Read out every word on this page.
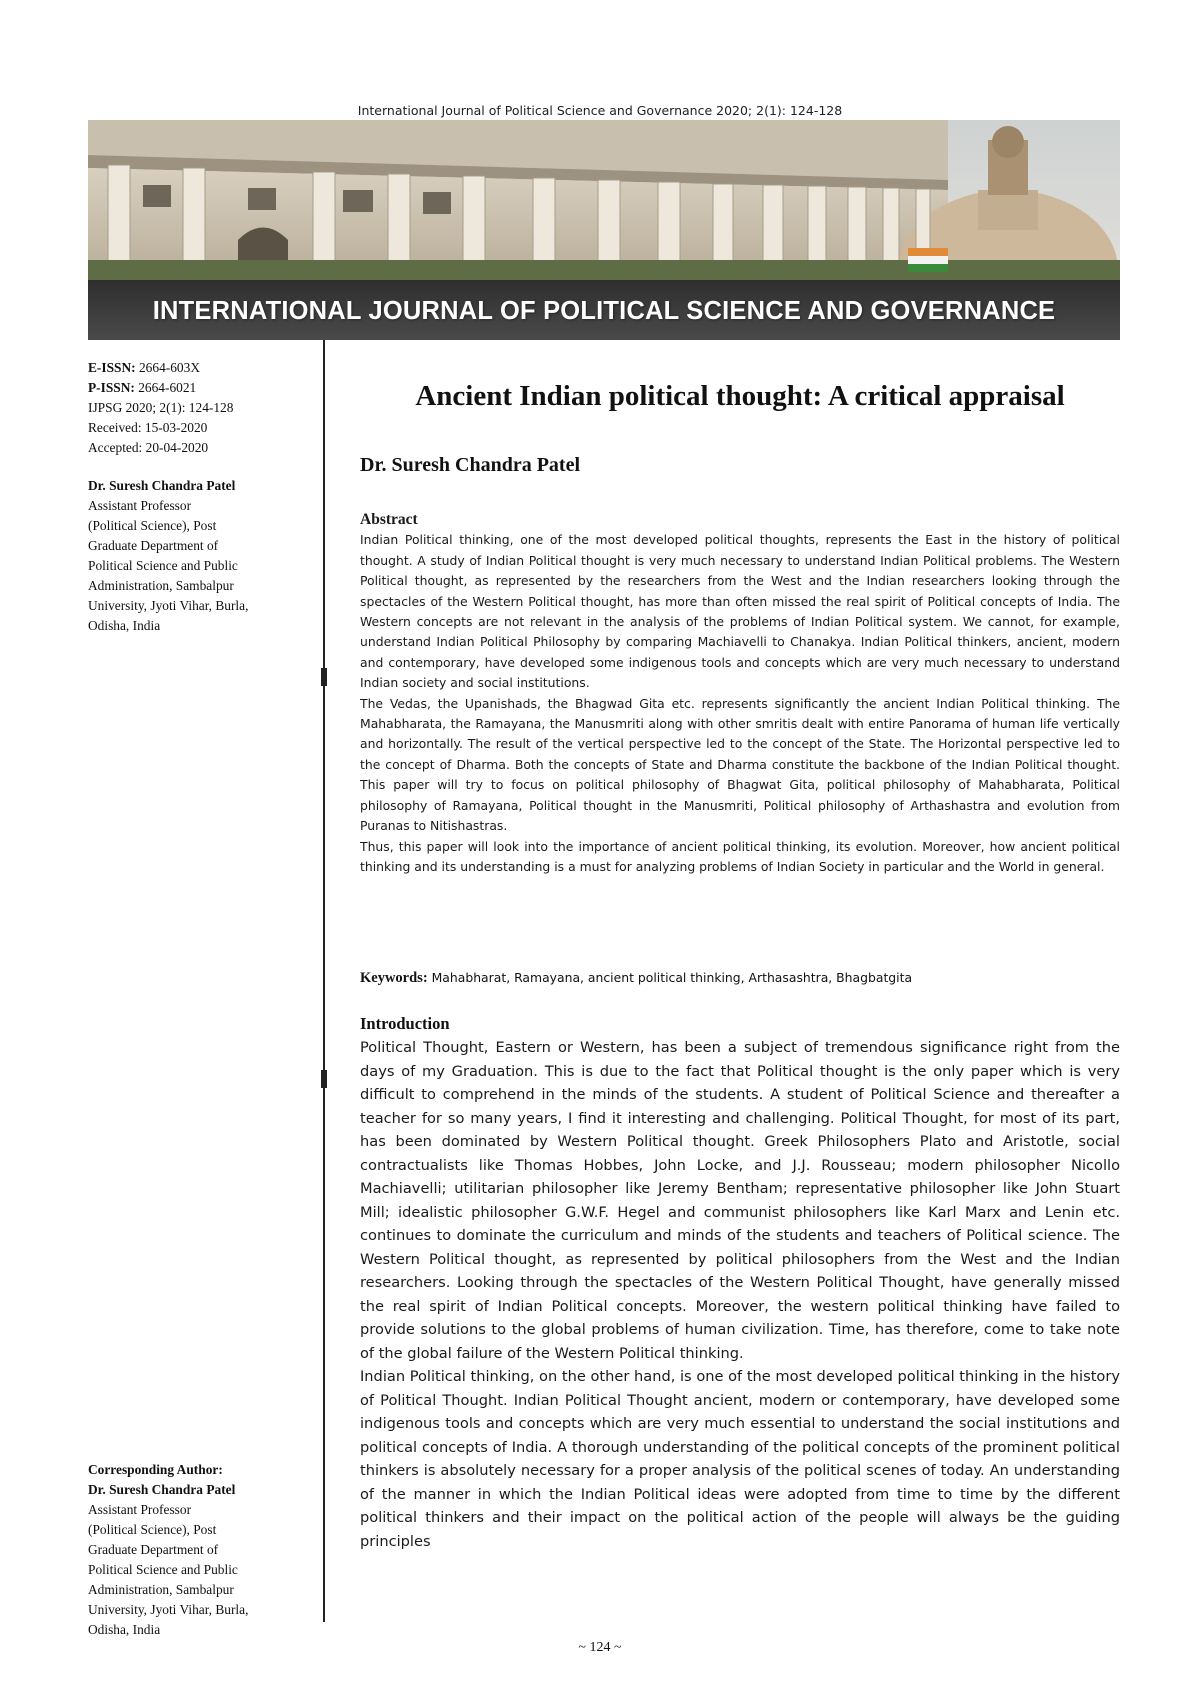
International Journal of Political Science and Governance 2020; 2(1): 124-128
INTERNATIONAL JOURNAL OF POLITICAL SCIENCE AND GOVERNANCE
E-ISSN: 2664-603X
P-ISSN: 2664-6021
IJPSG 2020; 2(1): 124-128
Received: 15-03-2020
Accepted: 20-04-2020
Dr. Suresh Chandra Patel
Assistant Professor
(Political Science), Post
Graduate Department of
Political Science and Public
Administration, Sambalpur
University, Jyoti Vihar, Burla,
Odisha, India
Corresponding Author:
Dr. Suresh Chandra Patel
Assistant Professor
(Political Science), Post
Graduate Department of
Political Science and Public
Administration, Sambalpur
University, Jyoti Vihar, Burla,
Odisha, India
Ancient Indian political thought: A critical appraisal
Dr. Suresh Chandra Patel
Abstract

Indian Political thinking, one of the most developed political thoughts, represents the East in the history of political thought. A study of Indian Political thought is very much necessary to understand Indian Political problems. The Western Political thought, as represented by the researchers from the West and the Indian researchers looking through the spectacles of the Western Political thought, has more than often missed the real spirit of Political concepts of India. The Western concepts are not relevant in the analysis of the problems of Indian Political system. We cannot, for example, understand Indian Political Philosophy by comparing Machiavelli to Chanakya. Indian Political thinkers, ancient, modern and contemporary, have developed some indigenous tools and concepts which are very much necessary to understand Indian society and social institutions.

The Vedas, the Upanishads, the Bhagwad Gita etc. represents significantly the ancient Indian Political thinking. The Mahabharata, the Ramayana, the Manusmriti along with other smritis dealt with entire Panorama of human life vertically and horizontally. The result of the vertical perspective led to the concept of the State. The Horizontal perspective led to the concept of Dharma. Both the concepts of State and Dharma constitute the backbone of the Indian Political thought. This paper will try to focus on political philosophy of Bhagwat Gita, political philosophy of Mahabharata, Political philosophy of Ramayana, Political thought in the Manusmriti, Political philosophy of Arthashastra and evolution from Puranas to Nitishastras.

Thus, this paper will look into the importance of ancient political thinking, its evolution. Moreover, how ancient political thinking and its understanding is a must for analyzing problems of Indian Society in particular and the World in general.

Keywords: Mahabharat, Ramayana, ancient political thinking, Arthasashtra, Bhagbatgita
Introduction

Political Thought, Eastern or Western, has been a subject of tremendous significance right from the days of my Graduation. This is due to the fact that Political thought is the only paper which is very difficult to comprehend in the minds of the students. A student of Political Science and thereafter a teacher for so many years, I find it interesting and challenging. Political Thought, for most of its part, has been dominated by Western Political thought. Greek Philosophers Plato and Aristotle, social contractualists like Thomas Hobbes, John Locke, and J.J. Rousseau; modern philosopher Nicollo Machiavelli; utilitarian philosopher like Jeremy Bentham; representative philosopher like John Stuart Mill; idealistic philosopher G.W.F. Hegel and communist philosophers like Karl Marx and Lenin etc. continues to dominate the curriculum and minds of the students and teachers of Political science. The Western Political thought, as represented by political philosophers from the West and the Indian researchers. Looking through the spectacles of the Western Political Thought, have generally missed the real spirit of Indian Political concepts. Moreover, the western political thinking have failed to provide solutions to the global problems of human civilization. Time, has therefore, come to take note of the global failure of the Western Political thinking.

Indian Political thinking, on the other hand, is one of the most developed political thinking in the history of Political Thought. Indian Political Thought ancient, modern or contemporary, have developed some indigenous tools and concepts which are very much essential to understand the social institutions and political concepts of India. A thorough understanding of the political concepts of the prominent political thinkers is absolutely necessary for a proper analysis of the political scenes of today. An understanding of the manner in which the Indian Political ideas were adopted from time to time by the different political thinkers and their impact on the political action of the people will always be the guiding principles

~ 124 ~
